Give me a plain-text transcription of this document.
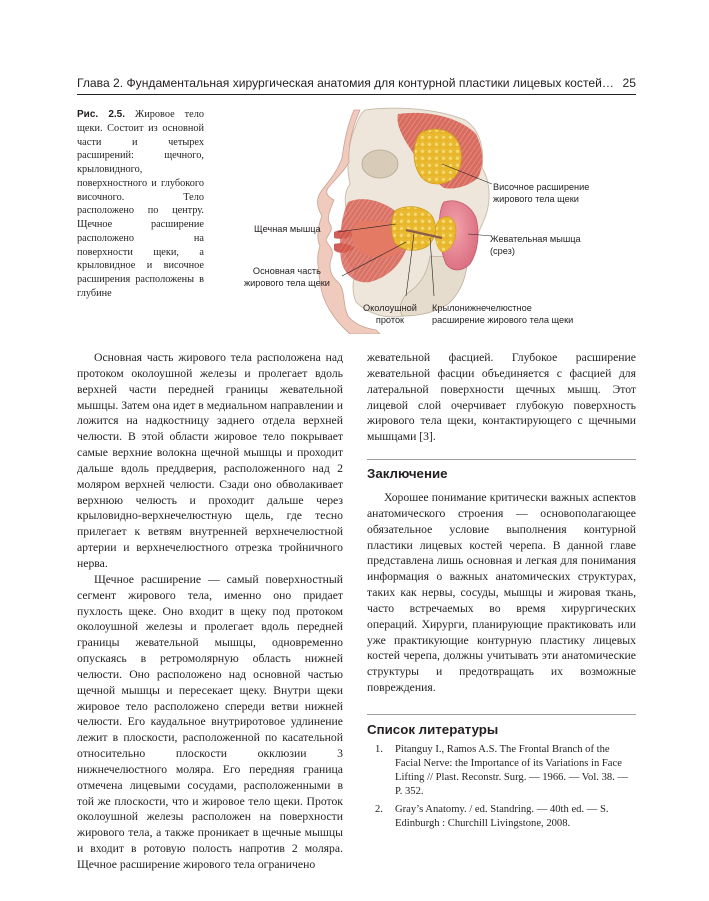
Глава 2. Фундаментальная хирургическая анатомия для контурной пластики лицевых костей… 25
Рис. 2.5. Жировое тело щеки. Состоит из основной части и четырех расширений: щечного, крыловидного, поверхностного и глубокого височного. Тело расположено по центру. Щечное расширение расположено на поверхности щеки, а крыловидное и височное расширения расположены в глубине
Височное расширение
жирового тела щеки
Щечная мышца
Жевательная мышца
(срез)
Основная часть
жирового тела щеки
Околоушной
проток
Крылонижнечелюстное
расширение жирового тела щеки

Основная часть жирового тела расположена над протоком околоушной железы и пролегает вдоль верхней части передней границы жевательной мышцы. Затем она идет в медиальном направлении и ложится на надкостницу заднего отдела верхней челюсти. В этой области жировое тело покрывает самые верхние волокна щечной мышцы и проходит дальше вдоль преддверия, расположенного над 2 моляром верхней челюсти. Сзади оно обволакивает верхнюю челюсть и проходит дальше через крыловидно-верхнечелюстную щель, где тесно прилегает к ветвям внутренней верхнечелюстной артерии и верхнечелюстного отрезка тройничного нерва.

Щечное расширение — самый поверхностный сегмент жирового тела, именно оно придает пухлость щеке. Оно входит в щеку под протоком околоушной железы и пролегает вдоль передней границы жевательной мышцы, одновременно опускаясь в ретромолярную область нижней челюсти. Оно расположено над основной частью щечной мышцы и пересекает щеку. Внутри щеки жировое тело расположено спереди ветви нижней челюсти. Его каудальное внутриротовое удлинение лежит в плоскости, расположенной по касательной относительно плоскости окклюзии 3 нижнечелюстного моляра. Его передняя граница отмечена лицевыми сосудами, расположенными в той же плоскости, что и жировое тело щеки. Проток околоушной железы расположен на поверхности жирового тела, а также проникает в щечные мышцы и входит в ротовую полость напротив 2 моляра. Щечное расширение жирового тела ограничено

жевательной фасцией. Глубокое расширение жевательной фасции объединяется с фасцией для латеральной поверхности щечных мышц. Этот лицевой слой очерчивает глубокую поверхность жирового тела щеки, контактирующего с щечными мышцами [3].

Заключение

Хорошее понимание критически важных аспектов анатомического строения — основополагающее обязательное условие выполнения контурной пластики лицевых костей черепа. В данной главе представлена лишь основная и легкая для понимания информация о важных анатомических структурах, таких как нервы, сосуды, мышцы и жировая ткань, часто встречаемых во время хирургических операций. Хирурги, планирующие практиковать или уже практикующие контурную пластику лицевых костей черепа, должны учитывать эти анатомические структуры и предотвращать их возможные повреждения.

Список литературы
1. Pitanguy I., Ramos A.S. The Frontal Branch of the Facial Nerve: the Importance of its Variations in Face Lifting // Plast. Reconstr. Surg. — 1966. — Vol. 38. — P. 352.
2. Gray’s Anatomy. / ed. Standring. — 40th ed. — S. Edinburgh : Churchill Livingstone, 2008.
